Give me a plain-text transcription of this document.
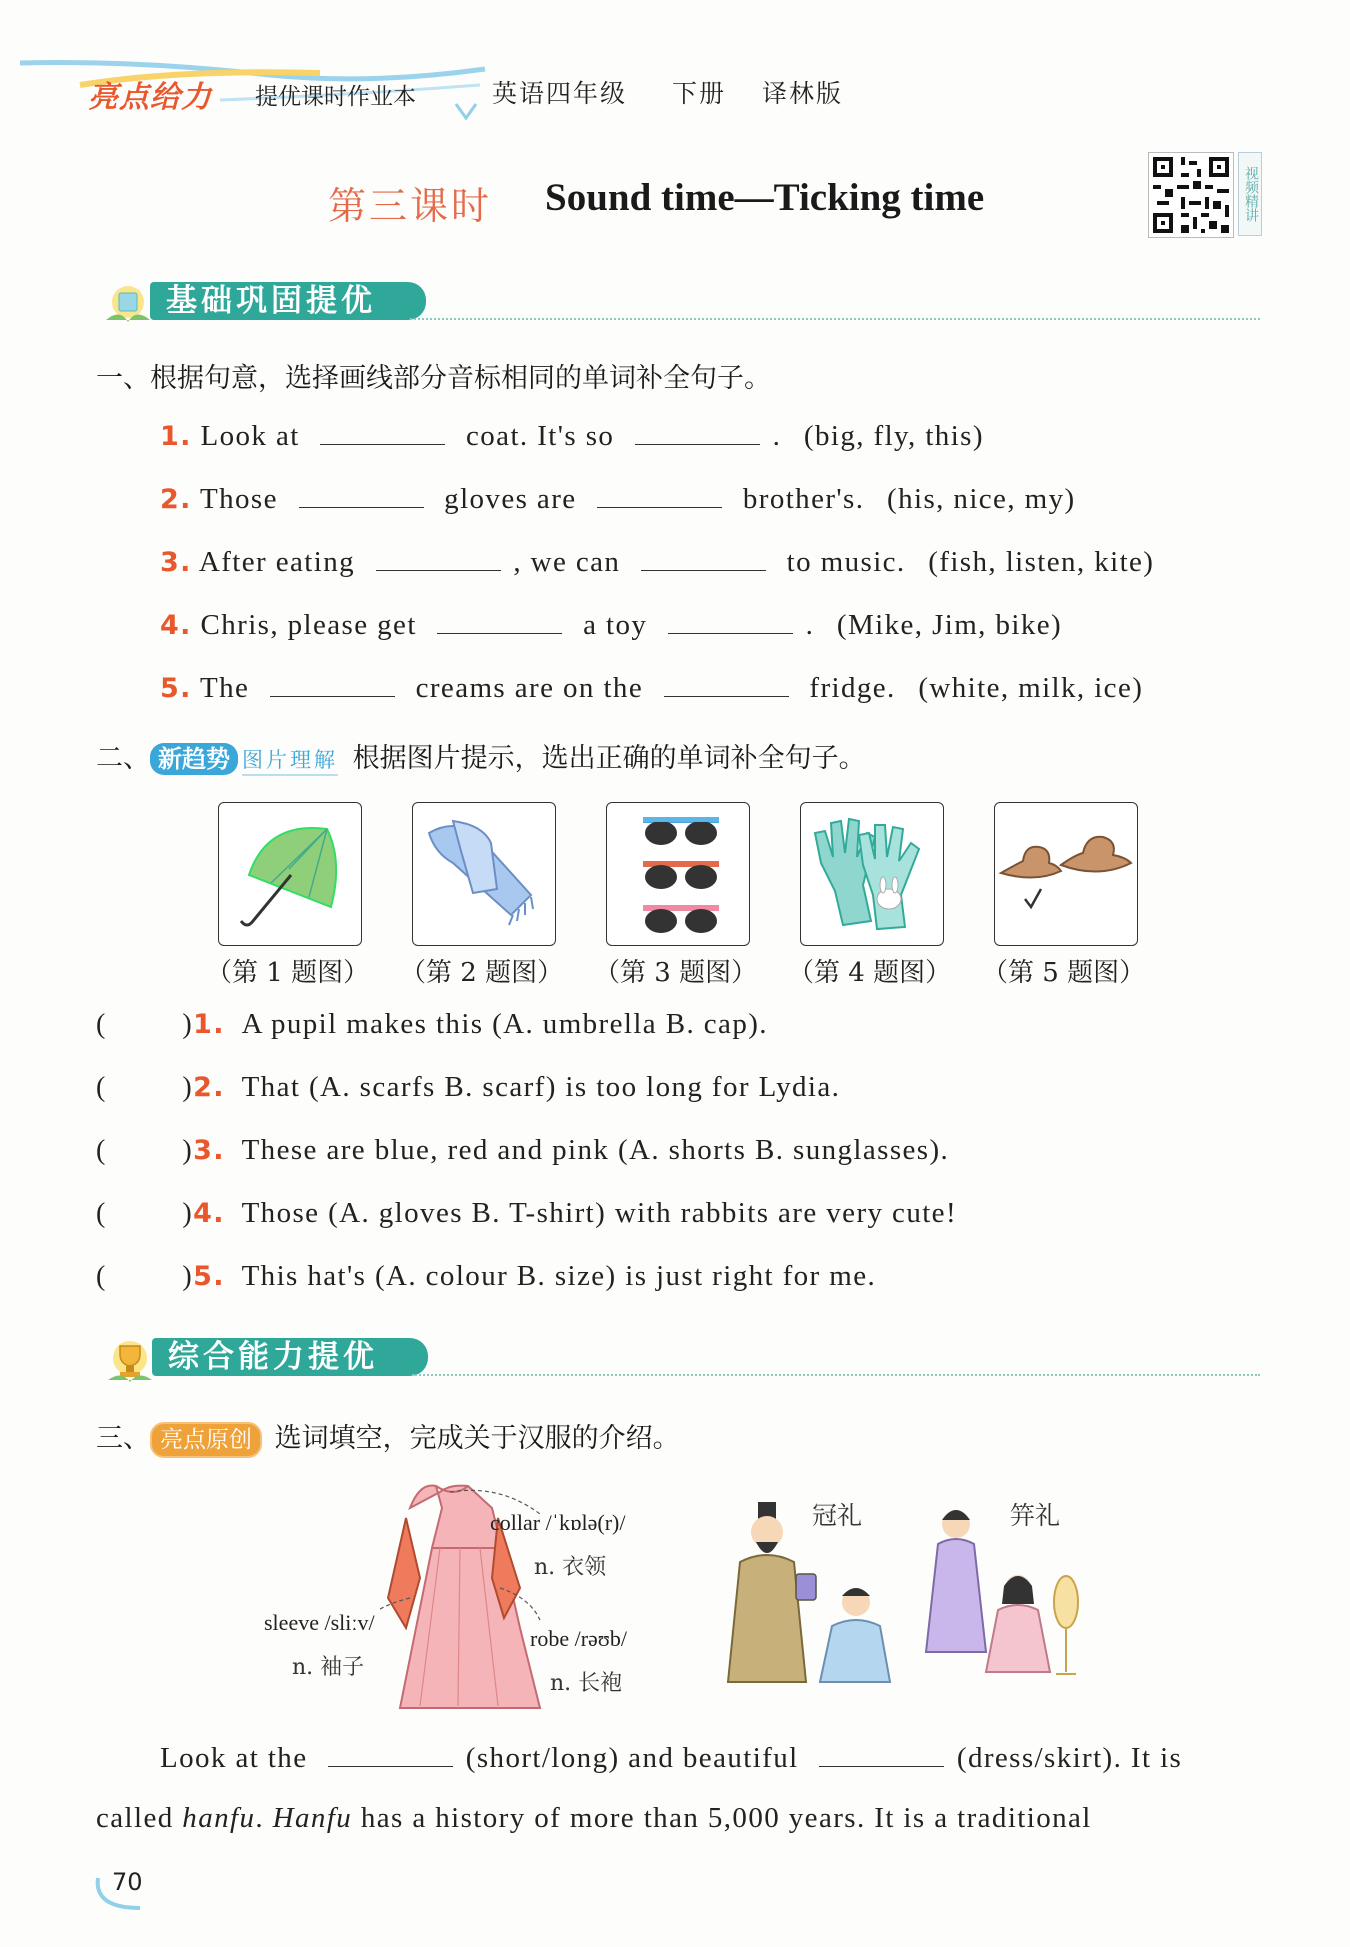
亮点给力 提优课时作业本	英语四年级 下册 译林版
第三课时 Sound time—Ticking time	视频精讲
基础巩固提优
一、根据句意，选择画线部分音标相同的单词补全句子。
1. Look at	coat. It's so	. (big, fly, this)
2. Those	gloves are	brother's. (his, nice, my)
3. After eating	, we can	to music. (fish, listen, kite)
4. Chris, please get	a toy	. (Mike, Jim, bike)
5. The	creams are on the	fridge. (white, milk, ice)
二、 新趋势 图片理解 根据图片提示，选出正确的单词补全句子。
（第 1 题图） （第 2 题图） （第 3 题图） （第 4 题图） （第 5 题图）
(         )1. A pupil makes this (A. umbrella B. cap).
(         )2. That (A. scarfs B. scarf) is too long for Lydia.
(         )3. These are blue, red and pink (A. shorts B. sunglasses).
(         )4. Those (A. gloves B. T-shirt) with rabbits are very cute!
(         )5. This hat's (A. colour B. size) is just right for me.
综合能力提优
三、 亮点原创 选词填空，完成关于汉服的介绍。
collar /ˈkɒlə(r)/
n. 衣领
sleeve /sliːv/
n. 袖子
robe /rəʊb/
n. 长袍
冠礼	笄礼
Look at the	(short/long) and beautiful	(dress/skirt). It is
called hanfu. Hanfu has a history of more than 5,000 years. It is a traditional
70
